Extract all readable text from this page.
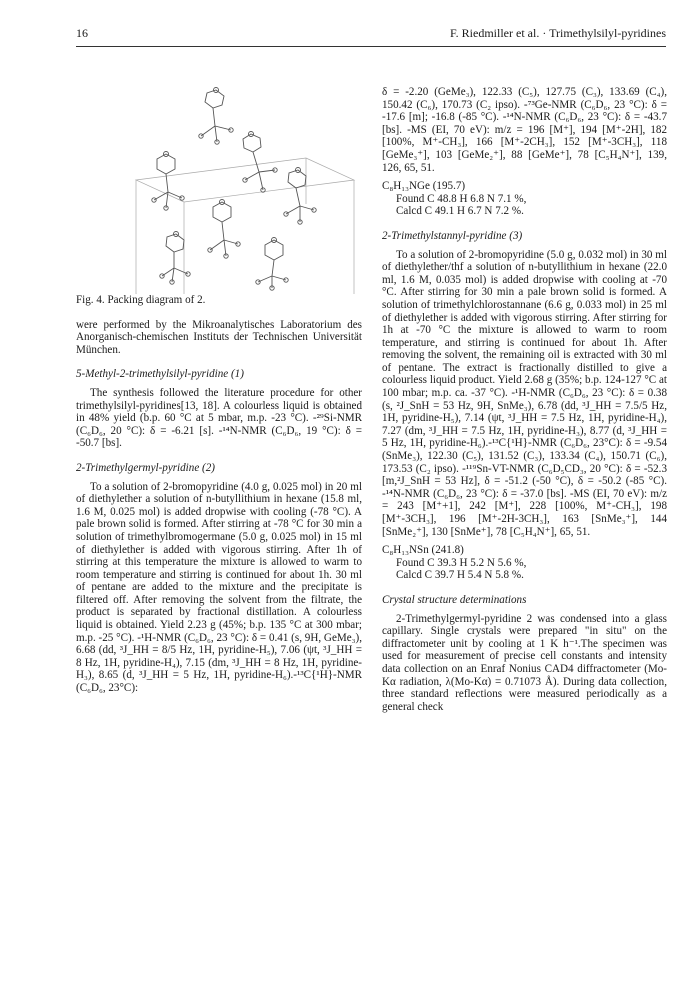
16	F. Riedmiller et al. · Trimethylsilyl-pyridines

Fig. 4. Packing diagram of 2.

were performed by the Mikroanalytisches Laboratorium des Anorganisch-chemischen Instituts der Technischen Universität München.

5-Methyl-2-trimethylsilyl-pyridine (1)

The synthesis followed the literature procedure for other trimethylsilyl-pyridines[13, 18]. A colourless liquid is obtained in 48% yield (b.p. 60 °C at 5 mbar, m.p. -23 °C). -²⁹Si-NMR (C₆D₆, 20 °C): δ = -6.21 [s]. -¹⁴N-NMR (C₆D₆, 19 °C): δ = -50.7 [bs].

2-Trimethylgermyl-pyridine (2)

To a solution of 2-bromopyridine (4.0 g, 0.025 mol) in 20 ml of diethylether a solution of n-butyllithium in hexane (15.8 ml, 1.6 M, 0.025 mol) is added dropwise with cooling (-78 °C). A pale brown solid is formed. After stirring at -78 °C for 30 min a solution of trimethylbromogermane (5.0 g, 0.025 mol) in 15 ml of diethylether is added with vigorous stirring. After 1h of stirring at this temperature the mixture is allowed to warm to room temperature and stirring is continued for about 1h. 30 ml of pentane are added to the mixture and the precipitate is filtered off. After removing the solvent from the filtrate, the product is separated by fractional distillation. A colourless liquid is obtained. Yield 2.23 g (45%; b.p. 135 °C at 300 mbar; m.p. -25 °C). -¹H-NMR (C₆D₆, 23 °C): δ = 0.41 (s, 9H, GeMe₃), 6.68 (dd, ³J_HH = 8/5 Hz, 1H, pyridine-H₅), 7.06 (ψt, ³J_HH = 8 Hz, 1H, pyridine-H₄), 7.15 (dm, ³J_HH = 8 Hz, 1H, pyridine-H₃), 8.65 (d, ³J_HH = 5 Hz, 1H, pyridine-H₆).-¹³C{¹H}-NMR (C₆D₆, 23°C):

δ = -2.20 (GeMe₃), 122.33 (C₅), 127.75 (C₃), 133.69 (C₄), 150.42 (C₆), 170.73 (C₂ ipso). -⁷³Ge-NMR (C₆D₆, 23 °C): δ = -17.6 [m]; -16.8 (-85 °C). -¹⁴N-NMR (C₆D₆, 23 °C): δ = -43.7 [bs]. -MS (EI, 70 eV): m/z = 196 [M⁺], 194 [M⁺-2H], 182 [100%, M⁺-CH₃], 166 [M⁺-2CH₃], 152 [M⁺-3CH₃], 118 [GeMe₃⁺], 103 [GeMe₂⁺], 88 [GeMe⁺], 78 [C₅H₄N⁺], 139, 126, 65, 51.

C₈H₁₃NGe (195.7)

Found C 48.8 H 6.8 N 7.1 %,
Calcd C 49.1 H 6.7 N 7.2 %.

2-Trimethylstannyl-pyridine (3)

To a solution of 2-bromopyridine (5.0 g, 0.032 mol) in 30 ml of diethylether/thf a solution of n-butyllithium in hexane (22.0 ml, 1.6 M, 0.035 mol) is added dropwise with cooling at -70 °C. After stirring for 30 min a pale brown solid is formed. A solution of trimethylchlorostannane (6.6 g, 0.033 mol) in 25 ml of diethylether is added with vigorous stirring. After stirring for 1h at -70 °C the mixture is allowed to warm to room temperature, and stirring is continued for about 1h. After removing the solvent, the remaining oil is extracted with 30 ml of pentane. The extract is fractionally distilled to give a colourless liquid product. Yield 2.68 g (35%; b.p. 124-127 °C at 100 mbar; m.p. ca. -37 °C). -¹H-NMR (C₆D₆, 23 °C): δ = 0.38 (s, ²J_SnH = 53 Hz, 9H, SnMe₃), 6.78 (dd, ³J_HH = 7.5/5 Hz, 1H, pyridine-H₅), 7.14 (ψt, ³J_HH = 7.5 Hz, 1H, pyridine-H₄), 7.27 (dm, ³J_HH = 7.5 Hz, 1H, pyridine-H₃), 8.77 (d, ³J_HH = 5 Hz, 1H, pyridine-H₆).-¹³C{¹H}-NMR (C₆D₆, 23°C): δ = -9.54 (SnMe₃), 122.30 (C₅), 131.52 (C₃), 133.34 (C₄), 150.71 (C₆), 173.53 (C₂ ipso). -¹¹⁹Sn-VT-NMR (C₆D₅CD₃, 20 °C): δ = -52.3 [m,²J_SnH = 53 Hz], δ = -51.2 (-50 °C), δ = -50.2 (-85 °C). -¹⁴N-NMR (C₆D₆, 23 °C): δ = -37.0 [bs]. -MS (EI, 70 eV): m/z = 243 [M⁺+1], 242 [M⁺], 228 [100%, M⁺-CH₃], 198 [M⁺-3CH₃], 196 [M⁺-2H-3CH₃], 163 [SnMe₃⁺], 144 [SnMe₂⁺], 130 [SnMe⁺], 78 [C₅H₄N⁺], 65, 51.

C₈H₁₃NSn (241.8)

Found C 39.3 H 5.2 N 5.6 %,
Calcd C 39.7 H 5.4 N 5.8 %.

Crystal structure determinations

2-Trimethylgermyl-pyridine 2 was condensed into a glass capillary. Single crystals were prepared "in situ" on the diffractometer unit by cooling at 1 K h⁻¹.The specimen was used for measurement of precise cell constants and intensity data collection on an Enraf Nonius CAD4 diffractometer (Mo-Kα radiation, λ(Mo-Kα) = 0.71073 Å). During data collection, three standard reflections were measured periodically as a general check
